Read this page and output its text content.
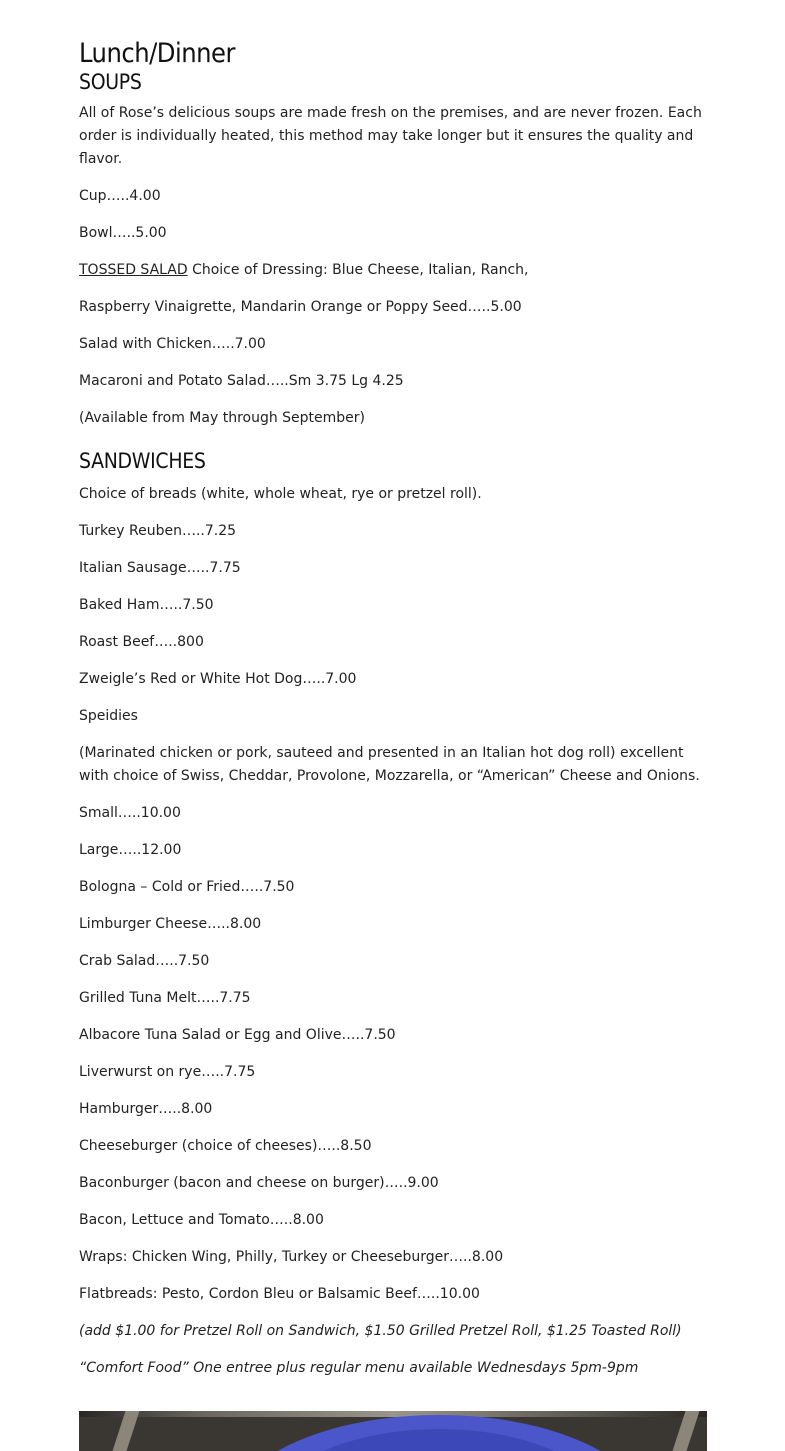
Lunch/Dinner
SOUPS

All of Rose’s delicious soups are made fresh on the premises, and are never frozen. Each order is individually heated, this method may take longer but it ensures the quality and flavor.

Cup…..4.00

Bowl…..5.00

TOSSED SALAD Choice of Dressing: Blue Cheese, Italian, Ranch,

Raspberry Vinaigrette, Mandarin Orange or Poppy Seed…..5.00

Salad with Chicken…..7.00

Macaroni and Potato Salad…..Sm 3.75 Lg 4.25

(Available from May through September)

SANDWICHES

Choice of breads (white, whole wheat, rye or pretzel roll).

Turkey Reuben…..7.25

Italian Sausage…..7.75

Baked Ham…..7.50

Roast Beef…..800

Zweigle’s Red or White Hot Dog…..7.00

Speidies

(Marinated chicken or pork, sauteed and presented in an Italian hot dog roll) excellent with choice of Swiss, Cheddar, Provolone, Mozzarella, or “American” Cheese and Onions.

Small…..10.00

Large…..12.00

Bologna – Cold or Fried…..7.50

Limburger Cheese…..8.00

Crab Salad…..7.50

Grilled Tuna Melt…..7.75

Albacore Tuna Salad or Egg and Olive…..7.50

Liverwurst on rye…..7.75

Hamburger…..8.00

Cheeseburger (choice of cheeses)…..8.50

Baconburger (bacon and cheese on burger)…..9.00

Bacon, Lettuce and Tomato…..8.00

Wraps: Chicken Wing, Philly, Turkey or Cheeseburger…..8.00

Flatbreads: Pesto, Cordon Bleu or Balsamic Beef…..10.00

(add $1.00 for Pretzel Roll on Sandwich, $1.50 Grilled Pretzel Roll, $1.25 Toasted Roll)

“Comfort Food” One entree plus regular menu available Wednesdays 5pm-9pm
